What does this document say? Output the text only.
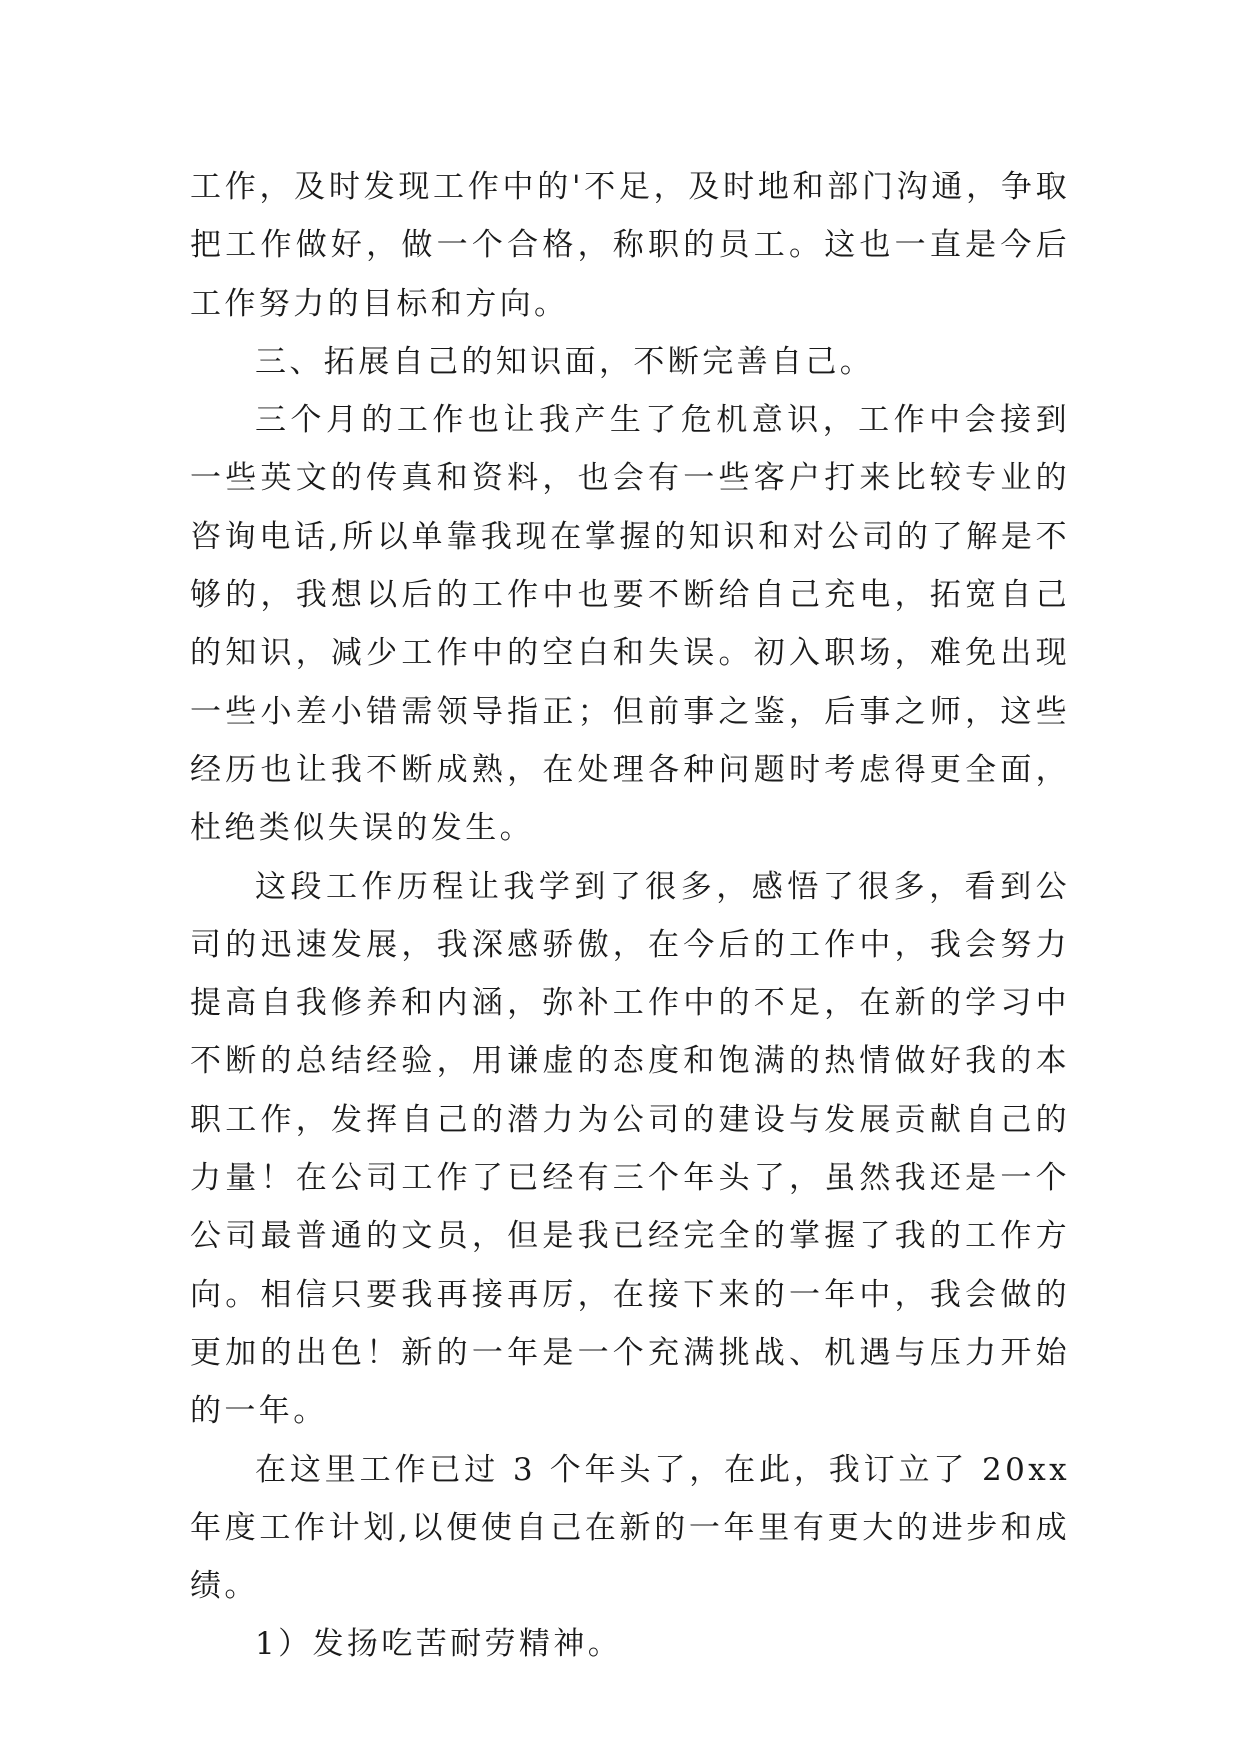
工作，及时发现工作中的'不足，及时地和部门沟通，争取把工作做好，做一个合格，称职的员工。这也一直是今后工作努力的目标和方向。

三、拓展自己的知识面，不断完善自己。

三个月的工作也让我产生了危机意识，工作中会接到一些英文的传真和资料，也会有一些客户打来比较专业的咨询电话,所以单靠我现在掌握的知识和对公司的了解是不够的，我想以后的工作中也要不断给自己充电，拓宽自己的知识，减少工作中的空白和失误。初入职场，难免出现一些小差小错需领导指正；但前事之鉴，后事之师，这些经历也让我不断成熟，在处理各种问题时考虑得更全面，杜绝类似失误的发生。

这段工作历程让我学到了很多，感悟了很多，看到公司的迅速发展，我深感骄傲，在今后的工作中，我会努力提高自我修养和内涵，弥补工作中的不足，在新的学习中不断的总结经验，用谦虚的态度和饱满的热情做好我的本职工作，发挥自己的潜力为公司的建设与发展贡献自己的力量！在公司工作了已经有三个年头了，虽然我还是一个公司最普通的文员，但是我已经完全的掌握了我的工作方向。相信只要我再接再厉，在接下来的一年中，我会做的更加的出色！新的一年是一个充满挑战、机遇与压力开始的一年。

在这里工作已过 3 个年头了，在此，我订立了 20xx 年度工作计划,以便使自己在新的一年里有更大的进步和成绩。

1）发扬吃苦耐劳精神。
